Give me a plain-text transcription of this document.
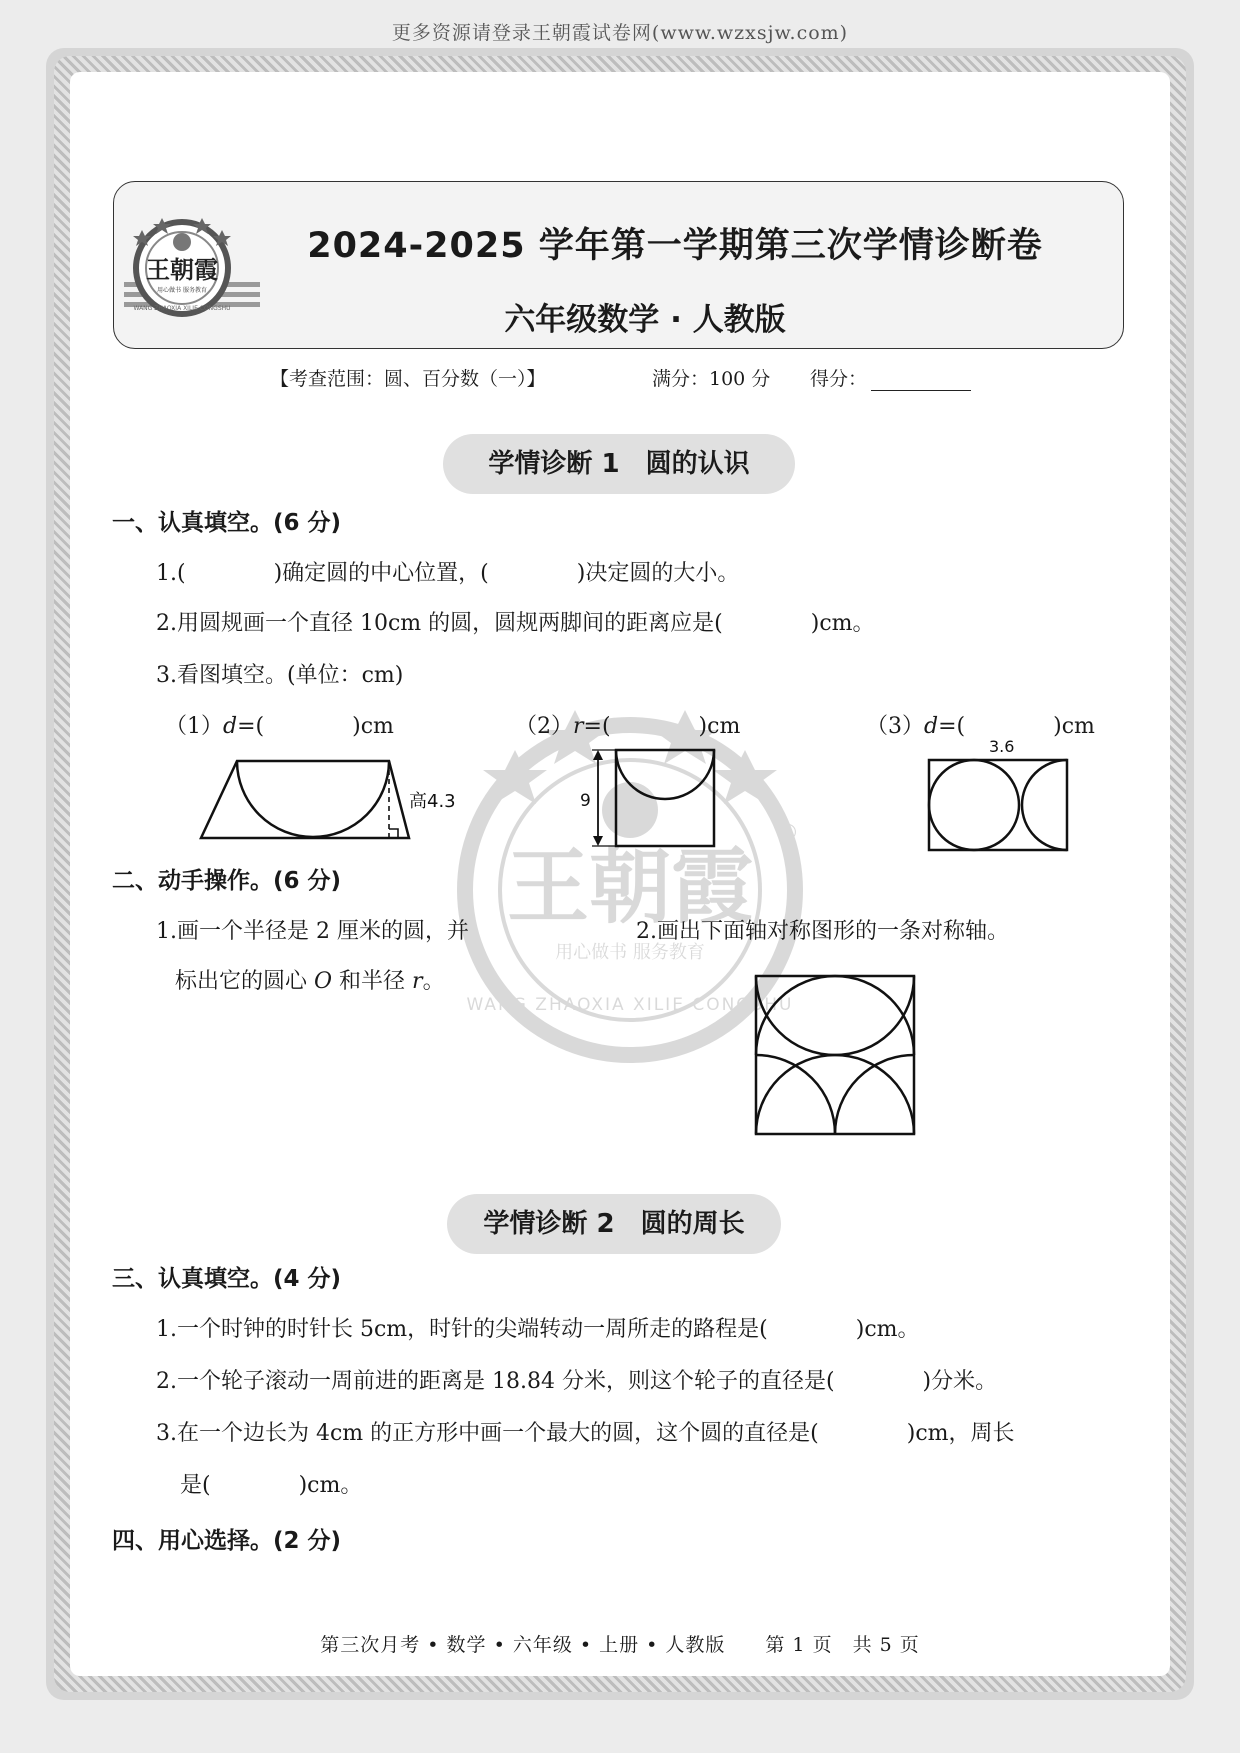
更多资源请登录王朝霞试卷网(www.wzxsjw.com)
王朝霞
用心做书 服务教育
WANG ZHAOXIA XILIE CONGSHU
2024-2025 学年第一学期第三次学情诊断卷
六年级数学 · 人教版
【考查范围：圆、百分数（一）】	满分：100 分 得分：
学情诊断 1　圆的认识
一、认真填空。(6 分)
1.(　　　　)确定圆的中心位置，(　　　　)决定圆的大小。
2.用圆规画一个直径 10cm 的圆，圆规两脚间的距离应是(　　　　)cm。
3.看图填空。(单位：cm)
（1）d=(　　　　)cm	（2）r=(　　　　)cm	（3）d=(　　　　)cm
高4.3	9
3.6
二、动手操作。(6 分)
1.画一个半径是 2 厘米的圆，并
标出它的圆心 O 和半径 r。
2.画出下面轴对称图形的一条对称轴。
学情诊断 2　圆的周长
三、认真填空。(4 分)
1.一个时钟的时针长 5cm，时针的尖端转动一周所走的路程是(　　　　)cm。
2.一个轮子滚动一周前进的距离是 18.84 分米，则这个轮子的直径是(　　　　)分米。
3.在一个边长为 4cm 的正方形中画一个最大的圆，这个圆的直径是(　　　　)cm，周长
是(　　　　)cm。
四、用心选择。(2 分)
第三次月考 • 数学 • 六年级 • 上册 • 人教版　　第 1 页　共 5 页
